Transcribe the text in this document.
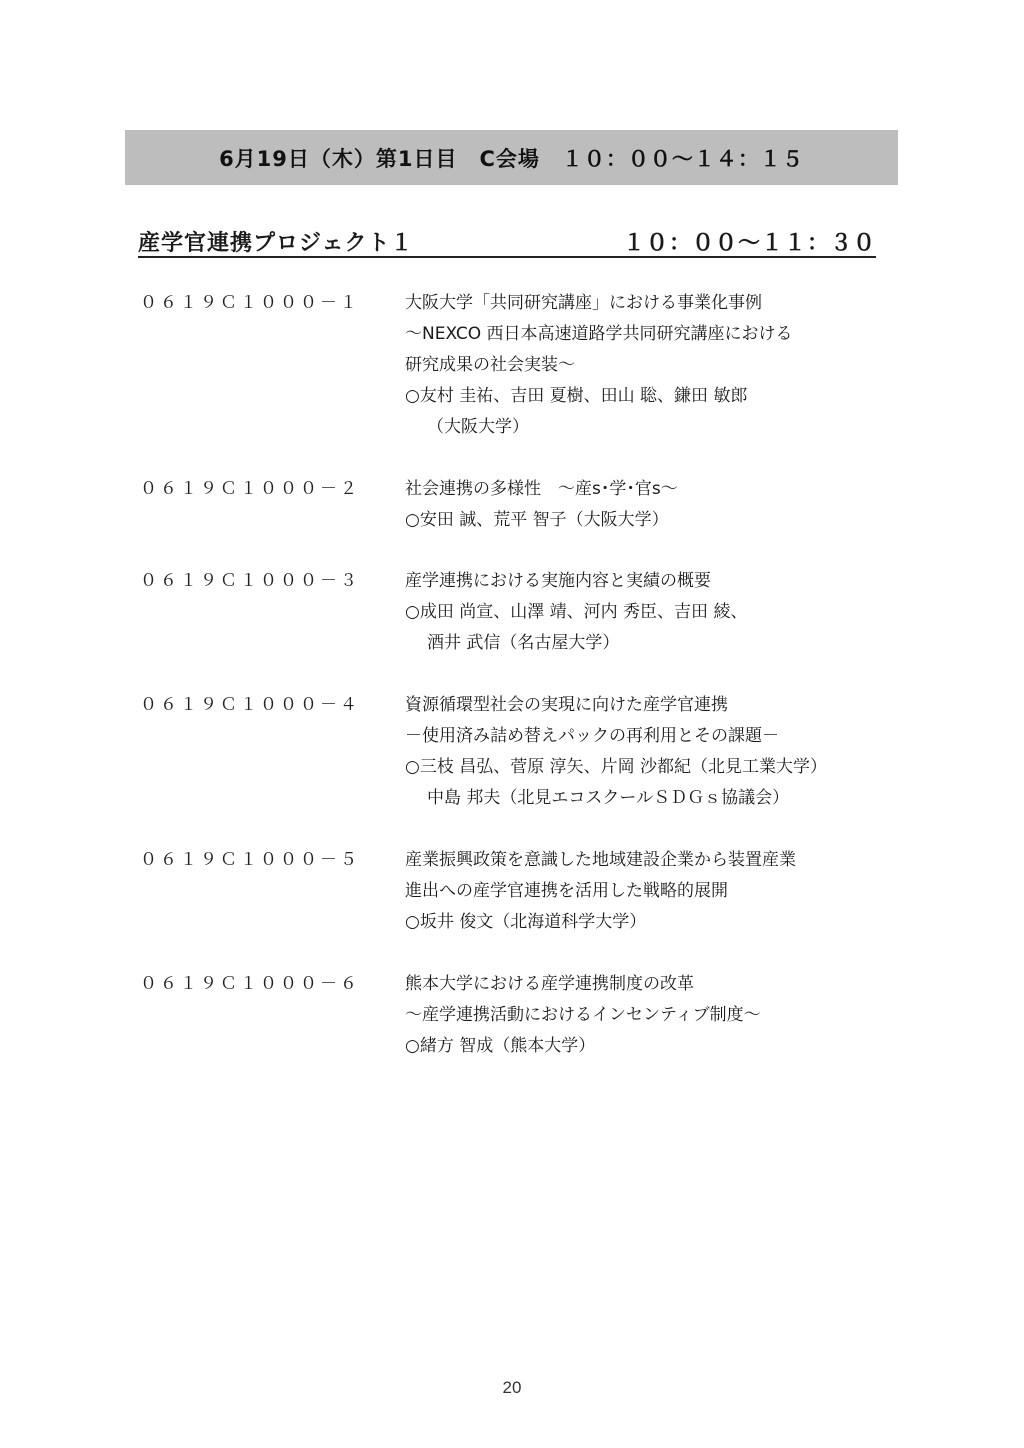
6月19日（木）第1日目　C会場　１０：００～１４：１５
産学官連携プロジェクト１	１０：００～１１：３０
０６１９Ｃ１０００－１	大阪大学「共同研究講座」における事業化事例
～NEXCO 西日本高速道路学共同研究講座における
研究成果の社会実装～
○友村 圭祐、吉田 夏樹、田山 聡、鎌田 敏郎
（大阪大学）
０６１９Ｃ１０００－２	社会連携の多様性　～産s･学･官s～
○安田 誠、荒平 智子（大阪大学）
０６１９Ｃ１０００－３	産学連携における実施内容と実績の概要
○成田 尚宣、山澤 靖、河内 秀臣、吉田 綾、
酒井 武信（名古屋大学）
０６１９Ｃ１０００－４	資源循環型社会の実現に向けた産学官連携
－使用済み詰め替えパックの再利用とその課題－
○三枝 昌弘、菅原 淳矢、片岡 沙都紀（北見工業大学）
中島 邦夫（北見エコスクールＳＤＧｓ協議会）
０６１９Ｃ１０００－５	産業振興政策を意識した地域建設企業から装置産業
進出への産学官連携を活用した戦略的展開
○坂井 俊文（北海道科学大学）
０６１９Ｃ１０００－６	熊本大学における産学連携制度の改革
～産学連携活動におけるインセンティブ制度～
○緒方 智成（熊本大学）
20
